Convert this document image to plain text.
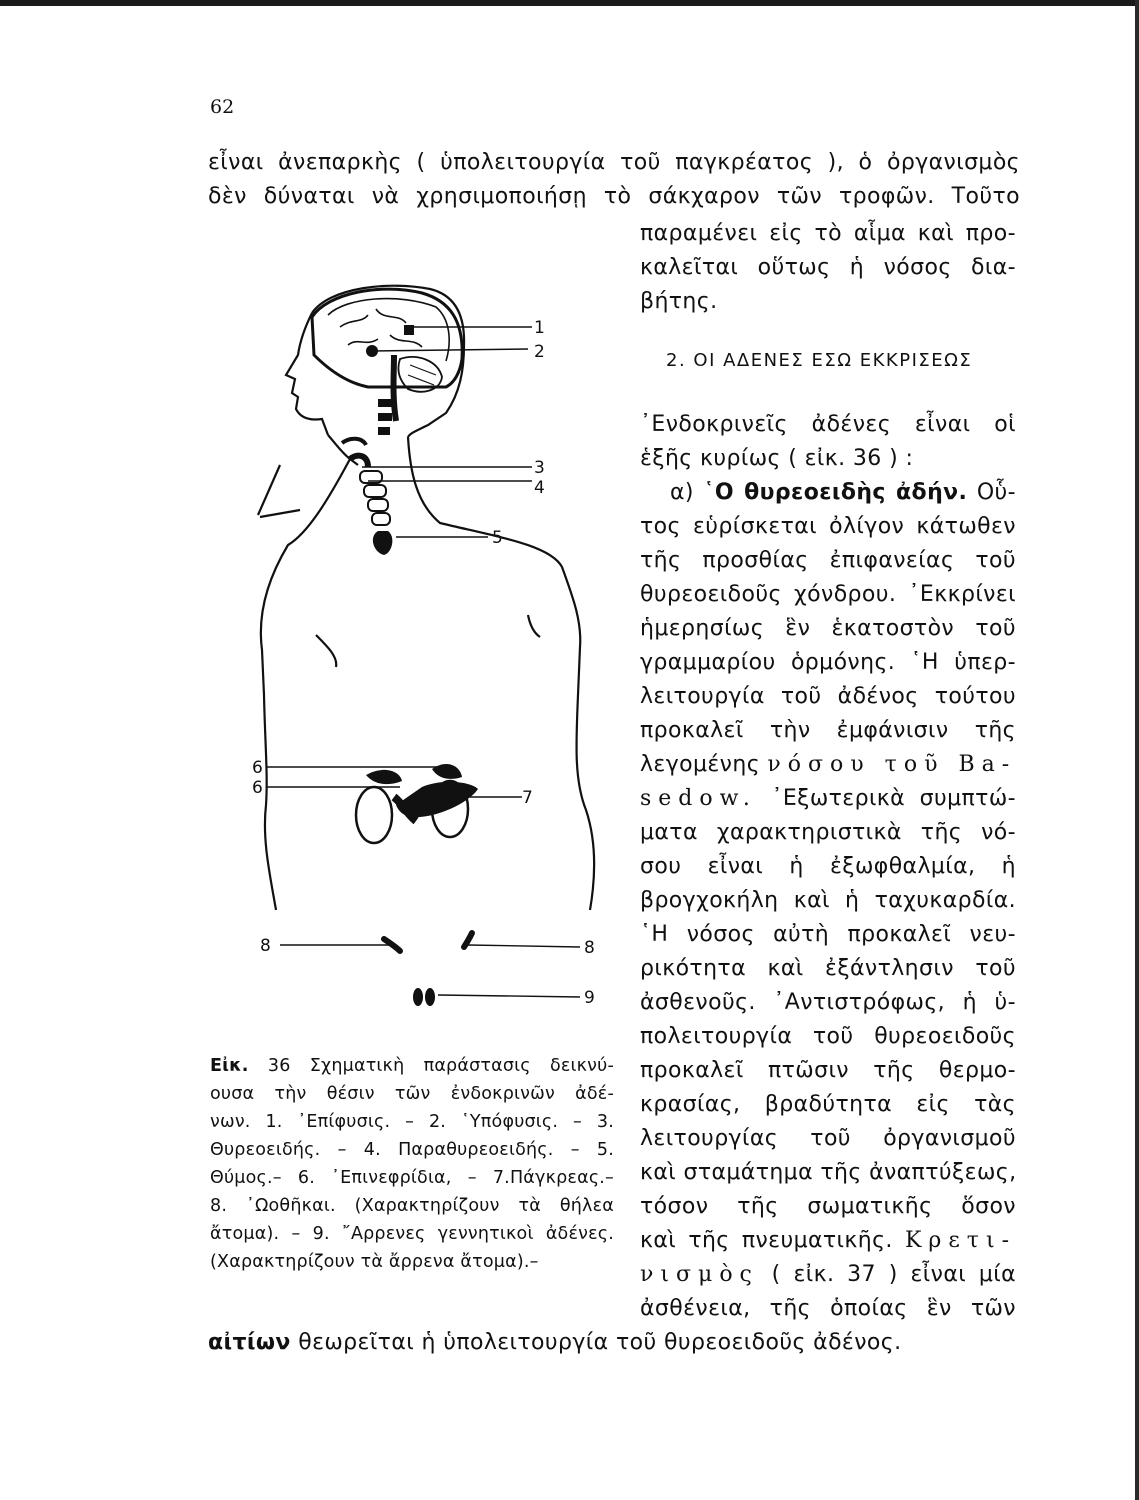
62
εἶναι ἀνεπαρκὴς ( ὑπολειτουργία τοῦ παγκρέατος ), ὁ ὀργανισμὸς
δὲν δύναται νὰ χρησιμοποιήσῃ τὸ σάκχαρον τῶν τροφῶν. Τοῦτο
παραμένει εἰς τὸ αἷμα καὶ προ-
καλεῖται οὕτως ἡ νόσος δια-
βήτης.
2. ΟΙ ΑΔΕΝΕΣ ΕΣΩ ΕΚΚΡΙΣΕΩΣ
᾿Ενδοκρινεῖς ἀδένες εἶναι οἱ
ἑξῆς κυρίως ( εἰκ. 36 ) :
α) ῾Ο θυρεοειδὴς ἀδήν. Οὗ-
τος εὑρίσκεται ὀλίγον κάτωθεν
τῆς προσθίας ἐπιφανείας τοῦ
θυρεοειδοῦς χόνδρου. ᾿Εκκρίνει
ἡμερησίως ἓν ἑκατοστὸν τοῦ
γραμμαρίου ὁρμόνης. ῾Η ὑπερ-
λειτουργία τοῦ ἀδένος τούτου
προκαλεῖ τὴν ἐμφάνισιν τῆς
λεγομένης νόσου τοῦ Ba-
sedow. ᾿Εξωτερικὰ συμπτώ-
ματα χαρακτηριστικὰ τῆς νό-
σου εἶναι ἡ ἐξωφθαλμία, ἡ
βρογχοκήλη καὶ ἡ ταχυκαρδία.
῾Η νόσος αὐτὴ προκαλεῖ νευ-
ρικότητα καὶ ἐξάντλησιν τοῦ
ἀσθενοῦς. ᾿Αντιστρόφως, ἡ ὑ-
πολειτουργία τοῦ θυρεοειδοῦς
προκαλεῖ πτῶσιν τῆς θερμο-
κρασίας, βραδύτητα εἰς τὰς
λειτουργίας τοῦ ὀργανισμοῦ
καὶ σταμάτημα τῆς ἀναπτύξεως,
τόσον τῆς σωματικῆς ὅσον
καὶ τῆς πνευματικῆς. Κρετι-
νισμὸς ( εἰκ. 37 ) εἶναι μία
ἀσθένεια, τῆς ὁποίας ἓν τῶν
αἰτίων θεωρεῖται ἡ ὑπολειτουργία τοῦ θυρεοειδοῦς ἀδένος.
1
2
3
4
5
6
6	7
8	8
9
Εἰκ. 36 Σχηματικὴ παράστασις δεικνύ-
ουσα τὴν θέσιν τῶν ἐνδοκρινῶν ἀδέ-
νων. 1. ᾿Επίφυσις. – 2. ῾Υπόφυσις. – 3.
Θυρεοειδής. – 4. Παραθυρεοειδής. – 5.
Θύμος.– 6. ᾿Επινεφρίδια, – 7.Πάγκρεας.–
8. ᾿Ωοθῆκαι. (Χαρακτηρίζουν τὰ θήλεα
ἄτομα). – 9. ῎Αρρενες γεννητικοὶ ἀδένες.
(Χαρακτηρίζουν τὰ ἄρρενα ἄτομα).–
